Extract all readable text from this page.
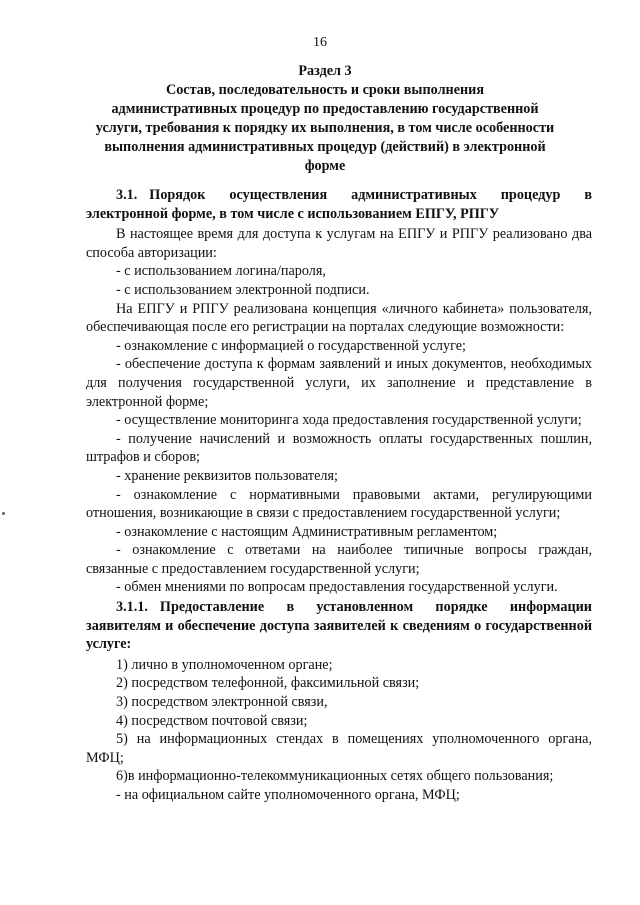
16
Раздел 3
Состав, последовательность и сроки выполнения
административных процедур по предоставлению государственной
услуги, требования к порядку их выполнения, в том числе особенности
выполнения административных процедур (действий) в электронной
форме

3.1. Порядок осуществления административных процедур в электронной форме, в том числе с использованием ЕПГУ, РПГУ

В настоящее время для доступа к услугам на ЕПГУ и РПГУ реализовано два способа авторизации:

- с использованием логина/пароля,

- с использованием электронной подписи.

На ЕПГУ и РПГУ реализована концепция «личного кабинета» пользователя, обеспечивающая после его регистрации на порталах следующие возможности:

- ознакомление с информацией о государственной услуге;

- обеспечение доступа к формам заявлений и иных документов, необходимых для получения государственной услуги, их заполнение и представление в электронной форме;

- осуществление мониторинга хода предоставления государственной услуги;

- получение начислений и возможность оплаты государственных пошлин, штрафов и сборов;

- хранение реквизитов пользователя;

- ознакомление с нормативными правовыми актами, регулирующими отношения, возникающие в связи с предоставлением государственной услуги;

- ознакомление с настоящим Административным регламентом;

- ознакомление с ответами на наиболее типичные вопросы граждан, связанные с предоставлением государственной услуги;

- обмен мнениями по вопросам предоставления государственной услуги.

3.1.1. Предоставление в установленном порядке информации заявителям и обеспечение доступа заявителей к сведениям о государственной услуге:

1) лично в уполномоченном органе;

2) посредством телефонной, факсимильной связи;

3) посредством электронной связи,

4) посредством почтовой связи;

5) на информационных стендах в помещениях уполномоченного органа, МФЦ;

6)в информационно-телекоммуникационных сетях общего пользования;

- на официальном сайте уполномоченного органа, МФЦ;
